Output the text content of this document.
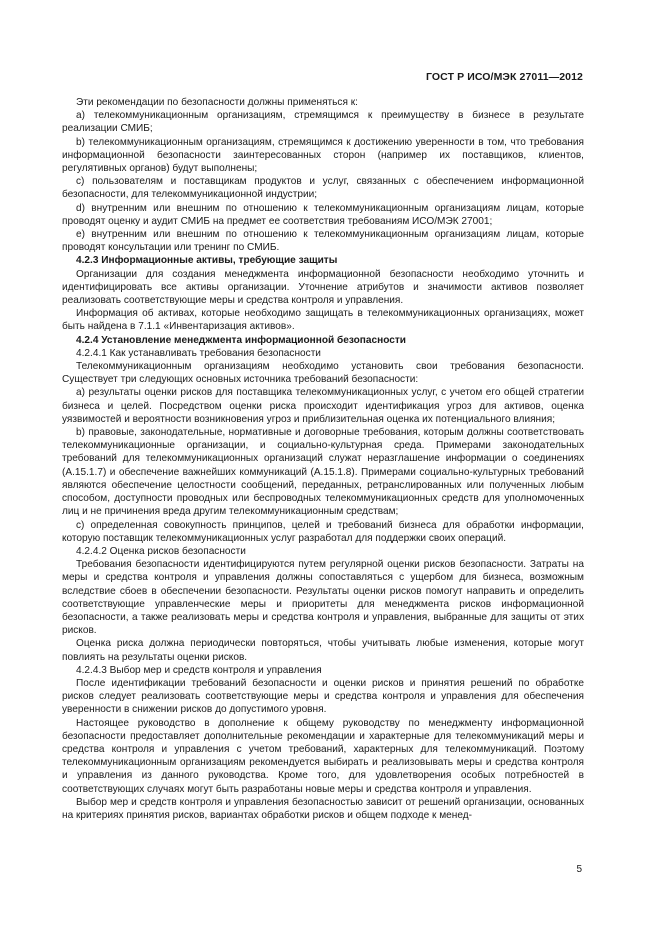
ГОСТ Р ИСО/МЭК 27011—2012

Эти рекомендации по безопасности должны применяться к:

a) телекоммуникационным организациям, стремящимся к преимуществу в бизнесе в результате реализации СМИБ;

b) телекоммуникационным организациям, стремящимся к достижению уверенности в том, что требования информационной безопасности заинтересованных сторон (например их поставщиков, клиентов, регулятивных органов) будут выполнены;

c) пользователям и поставщикам продуктов и услуг, связанных с обеспечением информационной безопасности, для телекоммуникационной индустрии;

d) внутренним или внешним по отношению к телекоммуникационным организациям лицам, которые проводят оценку и аудит СМИБ на предмет ее соответствия требованиям ИСО/МЭК 27001;

e) внутренним или внешним по отношению к телекоммуникационным организациям лицам, которые проводят консультации или тренинг по СМИБ.

4.2.3 Информационные активы, требующие защиты

Организации для создания менеджмента информационной безопасности необходимо уточнить и идентифицировать все активы организации. Уточнение атрибутов и значимости активов позволяет реализовать соответствующие меры и средства контроля и управления.

Информация об активах, которые необходимо защищать в телекоммуникационных организациях, может быть найдена в 7.1.1 «Инвентаризация активов».

4.2.4 Установление менеджмента информационной безопасности

4.2.4.1 Как устанавливать требования безопасности

Телекоммуникационным организациям необходимо установить свои требования безопасности. Существует три следующих основных источника требований безопасности:

a) результаты оценки рисков для поставщика телекоммуникационных услуг, с учетом его общей стратегии бизнеса и целей. Посредством оценки риска происходит идентификация угроз для активов, оценка уязвимостей и вероятности возникновения угроз и приблизительная оценка их потенциального влияния;

b) правовые, законодательные, нормативные и договорные требования, которым должны соответствовать телекоммуникационные организации, и социально-культурная среда. Примерами законодательных требований для телекоммуникационных организаций служат неразглашение информации о соединениях (A.15.1.7) и обеспечение важнейших коммуникаций (A.15.1.8). Примерами социально-культурных требований являются обеспечение целостности сообщений, переданных, ретранслированных или полученных любым способом, доступности проводных или беспроводных телекоммуникационных средств для уполномоченных лиц и не причинения вреда другим телекоммуникационным средствам;

c) определенная совокупность принципов, целей и требований бизнеса для обработки информации, которую поставщик телекоммуникационных услуг разработал для поддержки своих операций.

4.2.4.2 Оценка рисков безопасности

Требования безопасности идентифицируются путем регулярной оценки рисков безопасности. Затраты на меры и средства контроля и управления должны сопоставляться с ущербом для бизнеса, возможным вследствие сбоев в обеспечении безопасности. Результаты оценки рисков помогут направить и определить соответствующие управленческие меры и приоритеты для менеджмента рисков информационной безопасности, а также реализовать меры и средства контроля и управления, выбранные для защиты от этих рисков.

Оценка риска должна периодически повторяться, чтобы учитывать любые изменения, которые могут повлиять на результаты оценки рисков.

4.2.4.3 Выбор мер и средств контроля и управления

После идентификации требований безопасности и оценки рисков и принятия решений по обработке рисков следует реализовать соответствующие меры и средства контроля и управления для обеспечения уверенности в снижении рисков до допустимого уровня.

Настоящее руководство в дополнение к общему руководству по менеджменту информационной безопасности предоставляет дополнительные рекомендации и характерные для телекоммуникаций меры и средства контроля и управления с учетом требований, характерных для телекоммуникаций. Поэтому телекоммуникационным организациям рекомендуется выбирать и реализовывать меры и средства контроля и управления из данного руководства. Кроме того, для удовлетворения особых потребностей в соответствующих случаях могут быть разработаны новые меры и средства контроля и управления.

Выбор мер и средств контроля и управления безопасностью зависит от решений организации, основанных на критериях принятия рисков, вариантах обработки рисков и общем подходе к менед-

5
